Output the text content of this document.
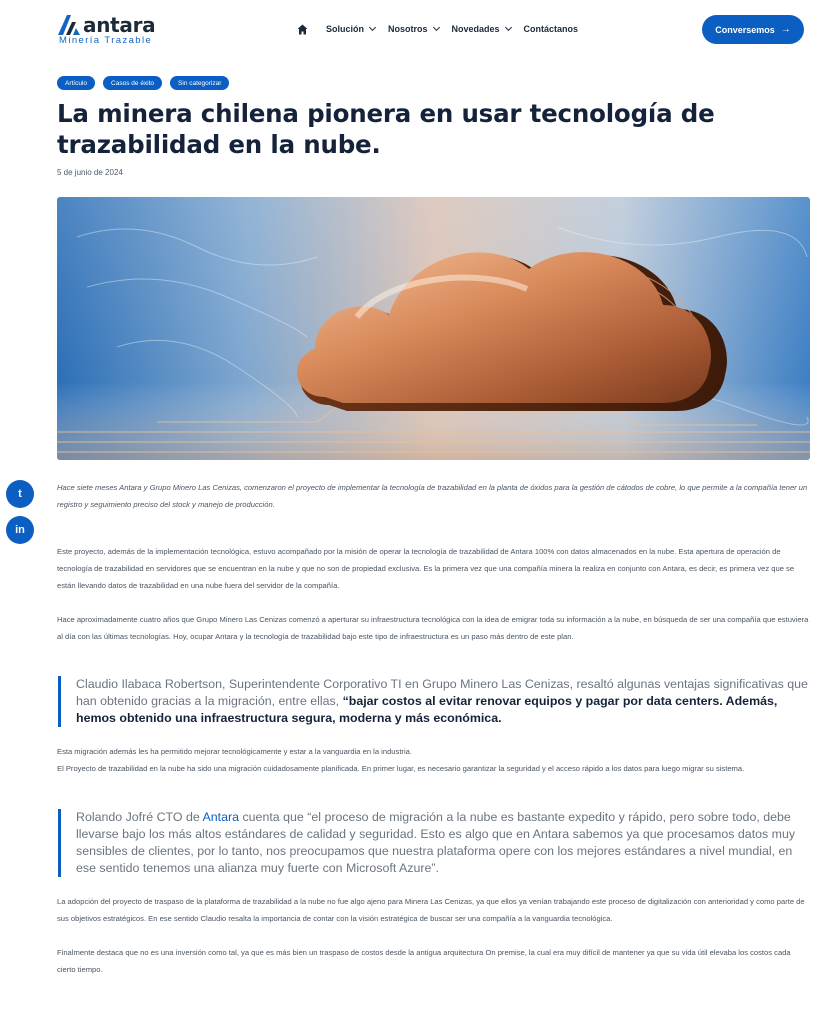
antara
Minería Trazable
Solución	Nosotros	Novedades	Contáctanos	Conversemos →
Artículo	Casos de éxito	Sin categorizar
La minera chilena pionera en usar tecnología de trazabilidad en la nube.
5 de junio de 2024
t
in

Hace siete meses Antara y Grupo Minero Las Cenizas, comenzaron el proyecto de implementar la tecnología de trazabilidad en la planta de óxidos para la gestión de cátodos de cobre, lo que permite a la compañía tener un registro y seguimiento preciso del stock y manejo de producción.

Este proyecto, además de la implementación tecnológica, estuvo acompañado por la misión de operar la tecnología de trazabilidad de Antara 100% con datos almacenados en la nube. Esta apertura de operación de tecnología de trazabilidad en servidores que se encuentran en la nube y que no son de propiedad exclusiva. Es la primera vez que una compañía minera la realiza en conjunto con Antara, es decir, es primera vez que se están llevando datos de trazabilidad en una nube fuera del servidor de la compañía.

Hace aproximadamente cuatro años que Grupo Minero Las Cenizas comenzó a aperturar su infraestructura tecnológica con la idea de emigrar toda su información a la nube, en búsqueda de ser una compañía que estuviera al día con las últimas tecnologías. Hoy, ocupar Antara y la tecnología de trazabilidad bajo este tipo de infraestructura es un paso más dentro de este plan.

Claudio Ilabaca Robertson, Superintendente Corporativo TI en Grupo Minero Las Cenizas, resaltó algunas ventajas significativas que han obtenido gracias a la migración, entre ellas, “bajar costos al evitar renovar equipos y pagar por data centers. Además, hemos obtenido una infraestructura segura, moderna y más económica.

Esta migración además les ha permitido mejorar tecnológicamente y estar a la vanguardia en la industria.

El Proyecto de trazabilidad en la nube ha sido una migración cuidadosamente planificada. En primer lugar, es necesario garantizar la seguridad y el acceso rápido a los datos para luego migrar su sistema.

Rolando Jofré CTO de Antara cuenta que “el proceso de migración a la nube es bastante expedito y rápido, pero sobre todo, debe llevarse bajo los más altos estándares de calidad y seguridad. Esto es algo que en Antara sabemos ya que procesamos datos muy sensibles de clientes, por lo tanto, nos preocupamos que nuestra plataforma opere con los mejores estándares a nivel mundial, en ese sentido tenemos una alianza muy fuerte con Microsoft Azure”.

La adopción del proyecto de traspaso de la plataforma de trazabilidad a la nube no fue algo ajeno para Minera Las Cenizas, ya que ellos ya venían trabajando este proceso de digitalización con anterioridad y como parte de sus objetivos estratégicos. En ese sentido Claudio resalta la importancia de contar con la visión estratégica de buscar ser una compañía a la vanguardia tecnológica.

Finalmente destaca que no es una inversión como tal, ya que es más bien un traspaso de costos desde la antigua arquitectura On premise, la cual era muy difícil de mantener ya que su vida útil elevaba los costos cada cierto tiempo.
